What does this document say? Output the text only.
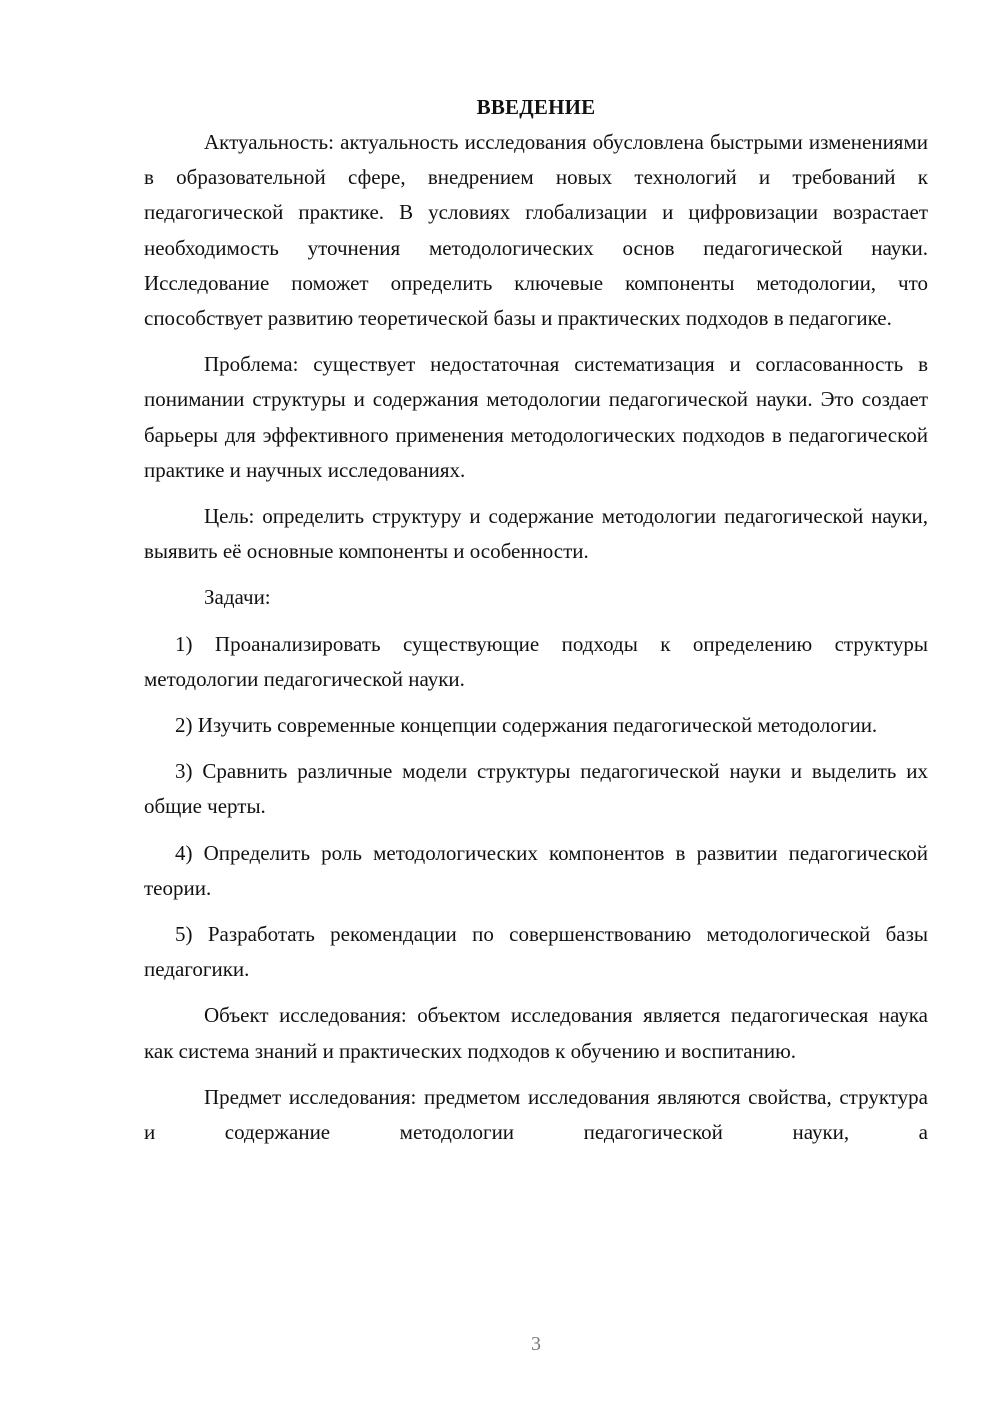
ВВЕДЕНИЕ

Актуальность: актуальность исследования обусловлена быстрыми изменениями в образовательной сфере, внедрением новых технологий и требований к педагогической практике. В условиях глобализации и цифровизации возрастает необходимость уточнения методологических основ педагогической науки. Исследование поможет определить ключевые компоненты методологии, что способствует развитию теоретической базы и практических подходов в педагогике.

Проблема: существует недостаточная систематизация и согласованность в понимании структуры и содержания методологии педагогической науки. Это создает барьеры для эффективного применения методологических подходов в педагогической практике и научных исследованиях.

Цель: определить структуру и содержание методологии педагогической науки, выявить её основные компоненты и особенности.

Задачи:

1) Проанализировать существующие подходы к определению структуры методологии педагогической науки.

2) Изучить современные концепции содержания педагогической методологии.

3) Сравнить различные модели структуры педагогической науки и выделить их общие черты.

4) Определить роль методологических компонентов в развитии педагогической теории.

5) Разработать рекомендации по совершенствованию методологической базы педагогики.

Объект исследования: объектом исследования является педагогическая наука как система знаний и практических подходов к обучению и воспитанию.

Предмет исследования: предметом исследования являются свойства, структура и содержание методологии педагогической науки, а

3
